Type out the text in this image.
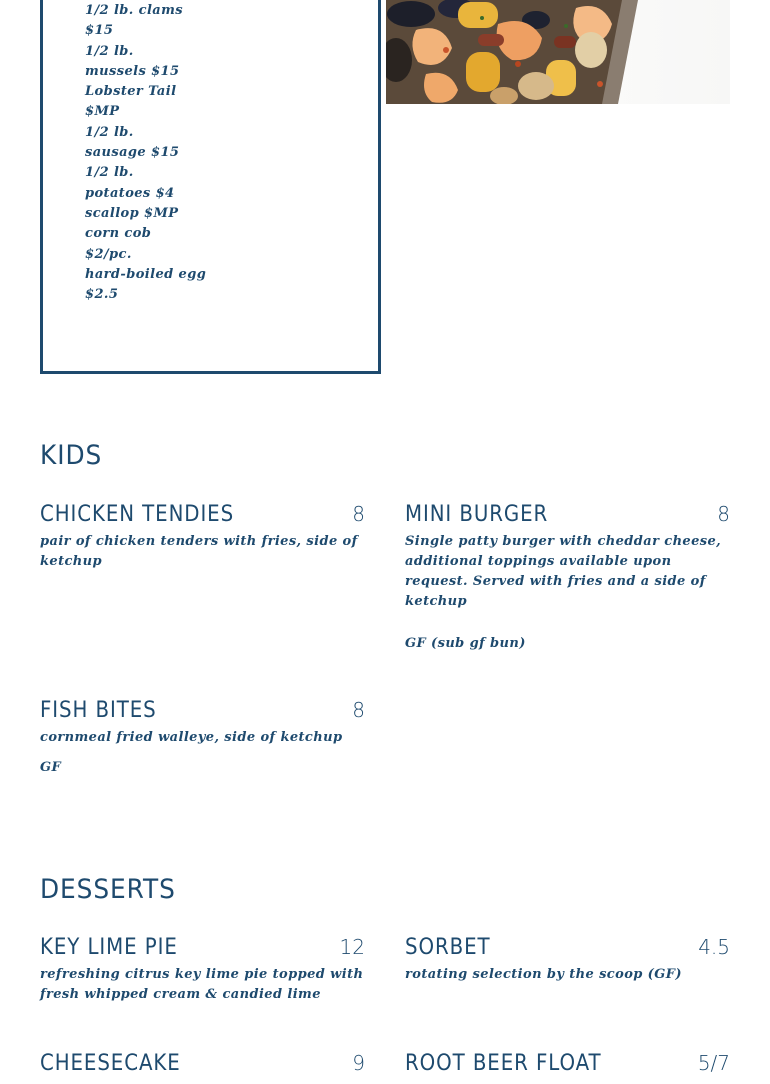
1/2 lb. clams
$15
1/2 lb.
mussels $15
Lobster Tail
$MP
1/2 lb.
sausage $15
1/2 lb.
potatoes $4
scallop $MP
corn cob
$2/pc.
hard-boiled egg
$2.5
KIDS
CHICKEN TENDIES	8

pair of chicken tenders with fries, side of ketchup

MINI BURGER	8

Single patty burger with cheddar cheese, additional toppings available upon request. Served with fries and a side of ketchup

GF (sub gf bun)

FISH BITES	8

cornmeal fried walleye, side of ketchup

GF

DESSERTS
KEY LIME PIE	12

refreshing citrus key lime pie topped with fresh whipped cream & candied lime

SORBET	4.5

rotating selection by the scoop (GF)

CHEESECAKE	9 ROOT BEER FLOAT	5/7
